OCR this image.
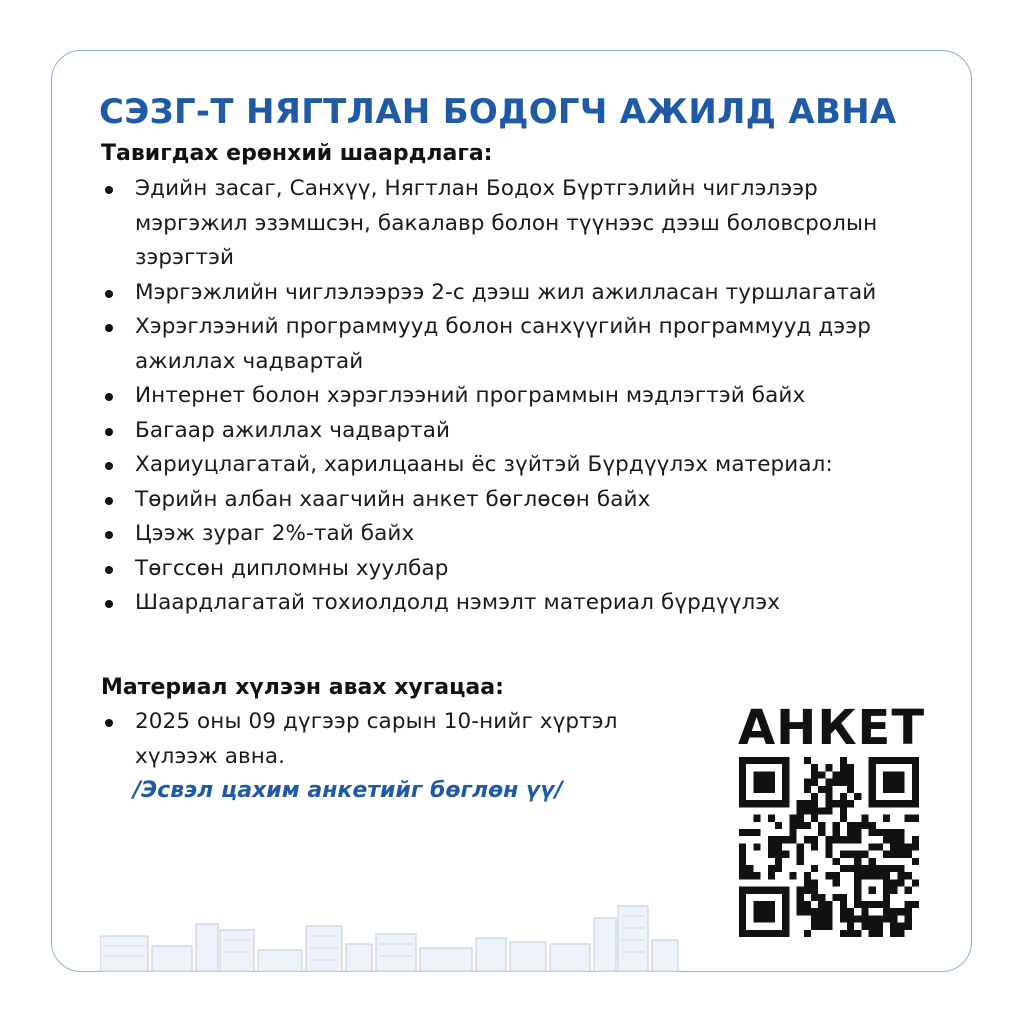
СЭЗГ-Т НЯГТЛАН БОДОГЧ АЖИЛД АВНА
Тавигдах ерөнхий шаардлага:
Эдийн засаг, Санхүү, Нягтлан Бодох Бүртгэлийн чиглэлээр мэргэжил эзэмшсэн, бакалавр болон түүнээс дээш боловсролын зэрэгтэй
Мэргэжлийн чиглэлээрээ 2-с дээш жил ажилласан туршлагатай
Хэрэглээний программууд болон санхүүгийн программууд дээр ажиллах чадвартай
Интернет болон хэрэглээний программын мэдлэгтэй байх
Багаар ажиллах чадвартай
Хариуцлагатай, харилцааны ёс зүйтэй Бүрдүүлэх материал:
Төрийн албан хаагчийн анкет бөглөсөн байх
Цээж зураг 2%-тай байх
Төгссөн дипломны хуулбар
Шаардлагатай тохиолдолд нэмэлт материал бүрдүүлэх
Материал хүлээн авах хугацаа:
2025 оны 09 дүгээр сарын 10-нийг хүртэл хүлээж авна.
/Эсвэл цахим анкетийг бөглөн үү/
АНКЕТ
